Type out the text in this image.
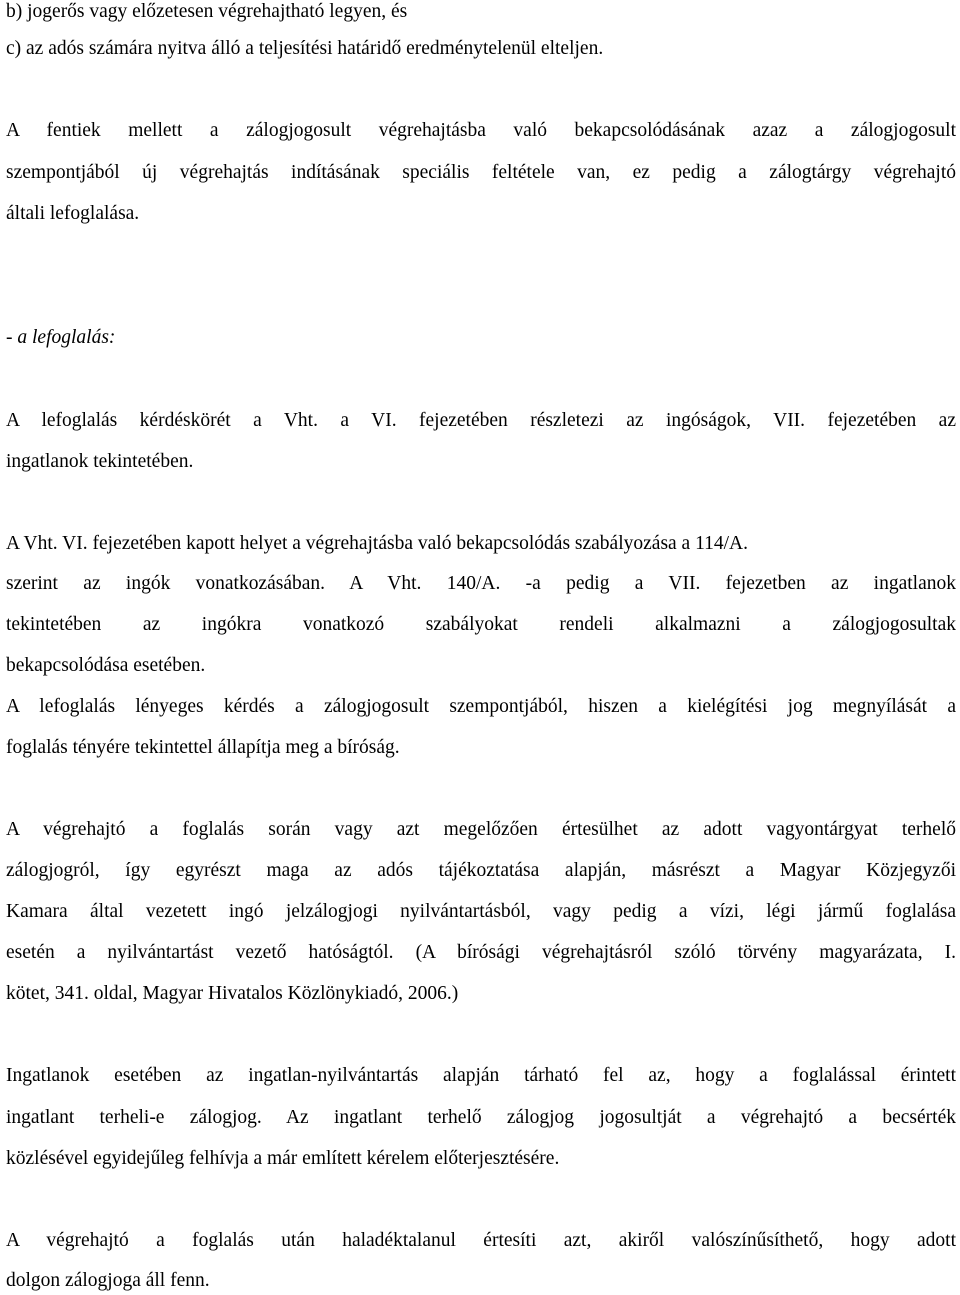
b) jogerős vagy előzetesen végrehajtható legyen, és
c) az adós számára nyitva álló a teljesítési határidő eredménytelenül elteljen.
A fentiek mellett a zálogjogosult végrehajtásba való bekapcsolódásának azaz a zálogjogosult
szempontjából új végrehajtás indításának speciális feltétele van, ez pedig a zálogtárgy végrehajtó
általi lefoglalása.
- a lefoglalás:
A lefoglalás kérdéskörét a Vht. a VI. fejezetében részletezi az ingóságok, VII. fejezetében az
ingatlanok tekintetében.
A Vht. VI. fejezetében kapott helyet a végrehajtásba való bekapcsolódás szabályozása a 114/A.
szerint az ingók vonatkozásában. A Vht. 140/A. -a pedig a VII. fejezetben az ingatlanok
tekintetében az ingókra vonatkozó szabályokat rendeli alkalmazni a zálogjogosultak
bekapcsolódása esetében.
A lefoglalás lényeges kérdés a zálogjogosult szempontjából, hiszen a kielégítési jog megnyílását a
foglalás tényére tekintettel állapítja meg a bíróság.
A végrehajtó a foglalás során vagy azt megelőzően értesülhet az adott vagyontárgyat terhelő
zálogjogról, így egyrészt maga az adós tájékoztatása alapján, másrészt a Magyar Közjegyzői
Kamara által vezetett ingó jelzálogjogi nyilvántartásból, vagy pedig a vízi, légi jármű foglalása
esetén a nyilvántartást vezető hatóságtól. (A bírósági végrehajtásról szóló törvény magyarázata, I.
kötet, 341. oldal, Magyar Hivatalos Közlönykiadó, 2006.)
Ingatlanok esetében az ingatlan-nyilvántartás alapján tárható fel az, hogy a foglalással érintett
ingatlant terheli-e zálogjog. Az ingatlant terhelő zálogjog jogosultját a végrehajtó a becsérték
közlésével egyidejűleg felhívja a már említett kérelem előterjesztésére.
A végrehajtó a foglalás után haladéktalanul értesíti azt, akiről valószínűsíthető, hogy adott
dolgon zálogjoga áll fenn.
